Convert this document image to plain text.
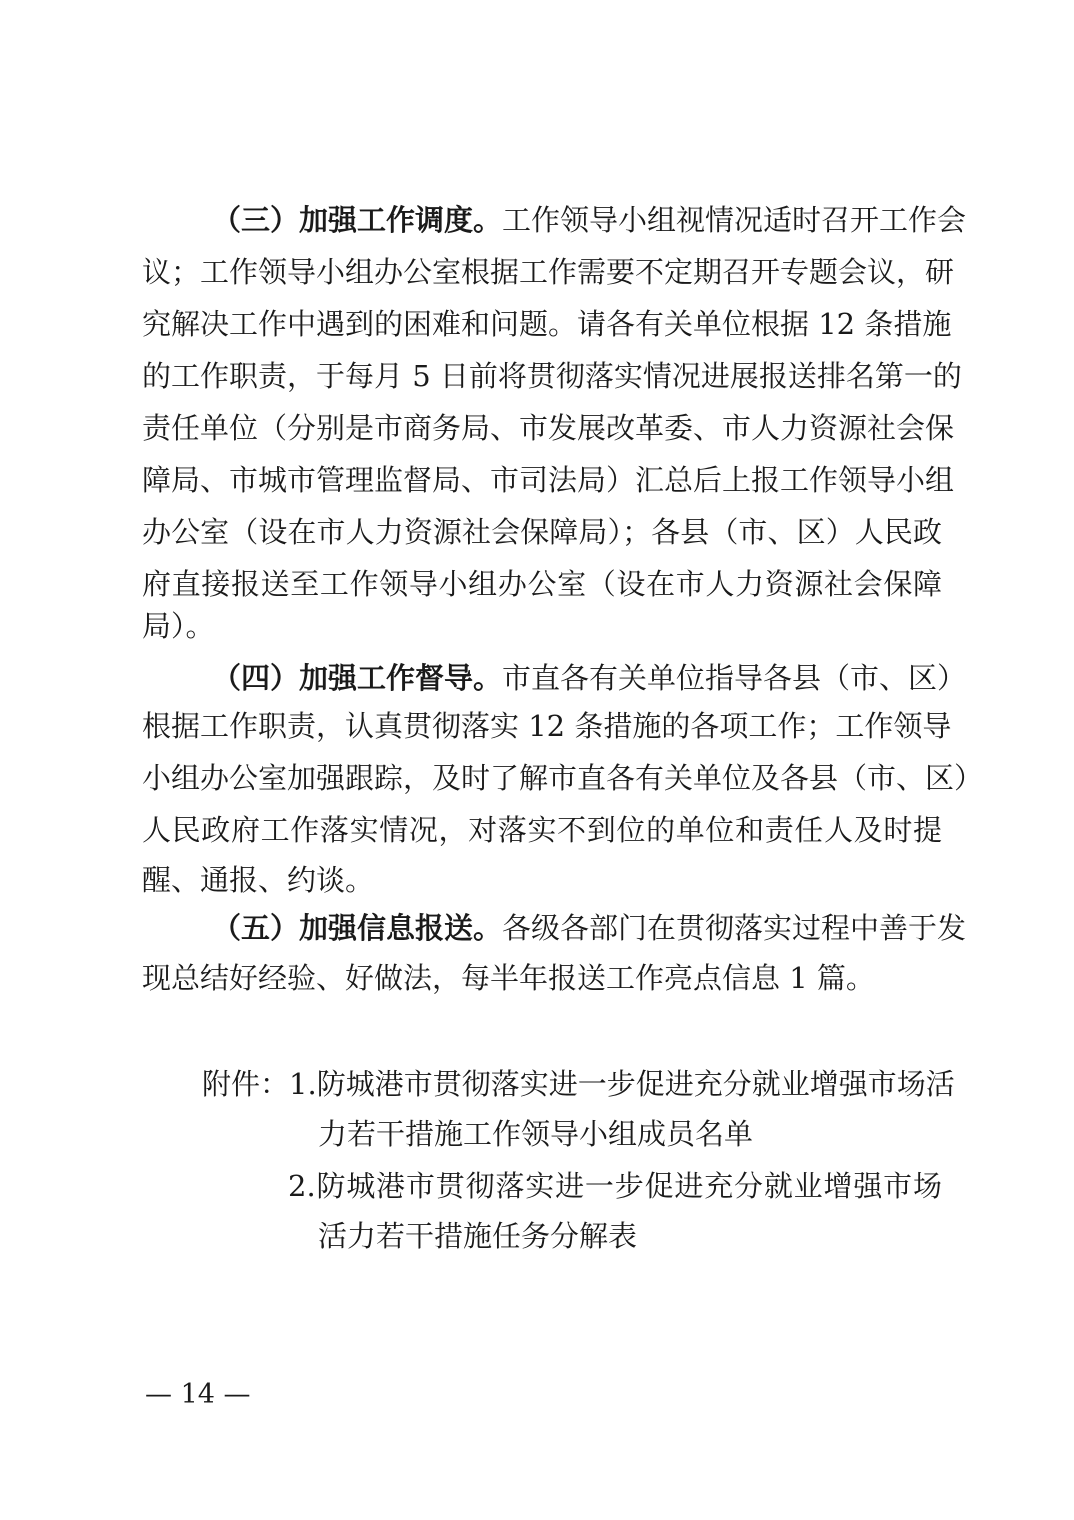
（三）加强工作调度。工作领导小组视情况适时召开工作会
议；工作领导小组办公室根据工作需要不定期召开专题会议，研
究解决工作中遇到的困难和问题。请各有关单位根据 12 条措施
的工作职责，于每月 5 日前将贯彻落实情况进展报送排名第一的
责任单位（分别是市商务局、市发展改革委、市人力资源社会保
障局、市城市管理监督局、市司法局）汇总后上报工作领导小组
办公室（设在市人力资源社会保障局）；各县（市、区）人民政
府直接报送至工作领导小组办公室（设在市人力资源社会保障
局）。
（四）加强工作督导。市直各有关单位指导各县（市、区）
根据工作职责，认真贯彻落实 12 条措施的各项工作；工作领导
小组办公室加强跟踪，及时了解市直各有关单位及各县（市、区）
人民政府工作落实情况，对落实不到位的单位和责任人及时提
醒、通报、约谈。
（五）加强信息报送。各级各部门在贯彻落实过程中善于发
现总结好经验、好做法，每半年报送工作亮点信息 1 篇。
附件：1.防城港市贯彻落实进一步促进充分就业增强市场活
力若干措施工作领导小组成员名单
2.防城港市贯彻落实进一步促进充分就业增强市场
活力若干措施任务分解表
— 14 —
